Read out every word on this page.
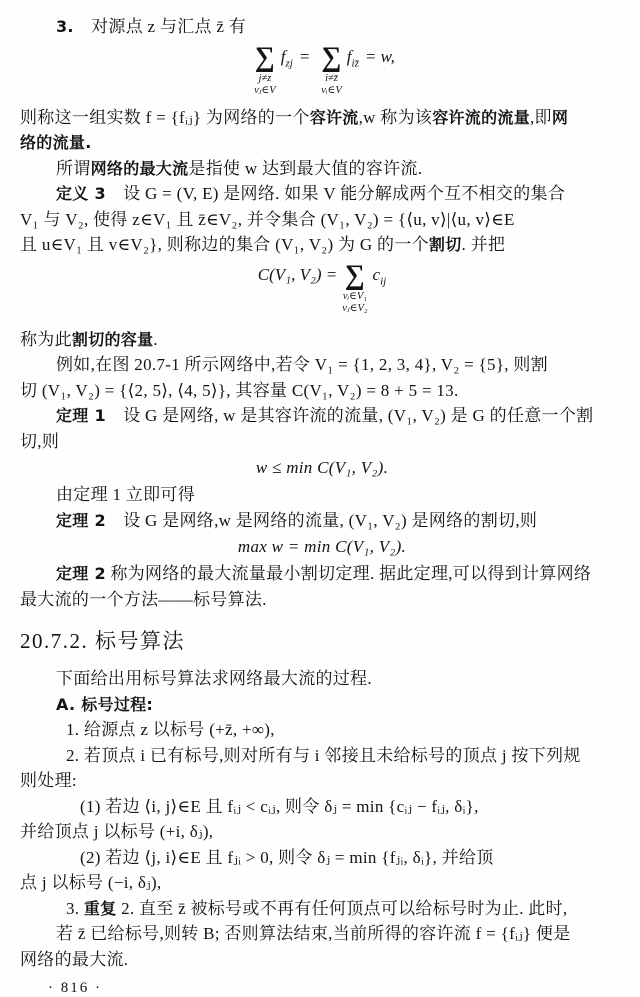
3.　对源点 z 与汇点 z̄ 有
∑
j≠z
vⱼ∈V
$f_{zj}$ = ∑
i≠z̄
vᵢ∈V
$f_{iz̄} = w$,
则称这一组实数 f = {fᵢⱼ} 为网络的一个容许流,w 称为该容许流的流量,即网
络的流量.
所谓网络的最大流是指使 w 达到最大值的容许流.
定义 3　设 G = (V, E) 是网络. 如果 V 能分解成两个互不相交的集合
V₁ 与 V₂, 使得 z∈V₁ 且 z̄∈V₂, 并令集合 (V₁, V₂) = {⟨u, v⟩|⟨u, v⟩∈E
且 u∈V₁ 且 v∈V₂}, 则称边的集合 (V₁, V₂) 为 G 的一个割切. 并把
C(V₁, V₂) = ∑
vᵢ∈V₁
vⱼ∈V₂
$c_{ij}$
称为此割切的容量.
例如,在图 20.7-1 所示网络中,若令 V₁ = {1, 2, 3, 4}, V₂ = {5}, 则割
切 (V₁, V₂) = {⟨2, 5⟩, ⟨4, 5⟩}, 其容量 C(V₁, V₂) = 8 + 5 = 13.
定理 1　设 G 是网络, w 是其容许流的流量, (V₁, V₂) 是 G 的任意一个割
切,则
w ≤ min C(V₁, V₂).
由定理 1 立即可得
定理 2　设 G 是网络,w 是网络的流量, (V₁, V₂) 是网络的割切,则
max w = min C(V₁, V₂).
定理 2 称为网络的最大流量最小割切定理. 据此定理,可以得到计算网络
最大流的一个方法——标号算法.
20.7.2. 标号算法
下面给出用标号算法求网络最大流的过程.
A. 标号过程:
1. 给源点 z 以标号 (+z̄, +∞),
2. 若顶点 i 已有标号,则对所有与 i 邻接且未给标号的顶点 j 按下列规
则处理:
(1) 若边 ⟨i, j⟩∈E 且 fᵢⱼ < cᵢⱼ, 则令 δⱼ = min {cᵢⱼ − fᵢⱼ, δᵢ},
并给顶点 j 以标号 (+i, δⱼ),
(2) 若边 ⟨j, i⟩∈E 且 fⱼᵢ > 0, 则令 δⱼ = min {fⱼᵢ, δᵢ}, 并给顶
点 j 以标号 (−i, δⱼ),
3. 重复 2. 直至 z̄ 被标号或不再有任何顶点可以给标号时为止. 此时,
若 z̄ 已给标号,则转 B; 否则算法结束,当前所得的容许流 f = {fᵢⱼ} 便是
网络的最大流.
· 816 ·
